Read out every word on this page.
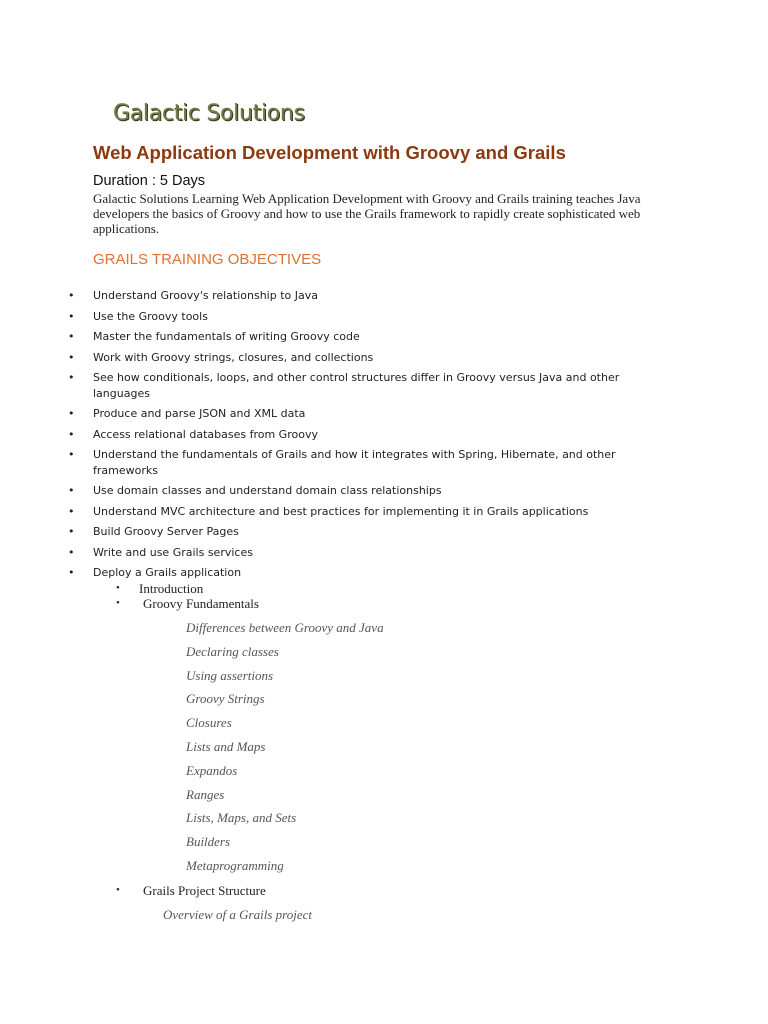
Galactic Solutions
Web Application Development with Groovy and Grails
Duration : 5 Days
Galactic Solutions Learning Web Application Development with Groovy and Grails training teaches Java developers the basics of Groovy and how to use the Grails framework to rapidly create sophisticated web applications.
GRAILS TRAINING OBJECTIVES
• Understand Groovy's relationship to Java
• Use the Groovy tools
• Master the fundamentals of writing Groovy code
• Work with Groovy strings, closures, and collections
• See how conditionals, loops, and other control structures differ in Groovy versus Java and other languages
• Produce and parse JSON and XML data
• Access relational databases from Groovy
• Understand the fundamentals of Grails and how it integrates with Spring, Hibernate, and other frameworks
• Use domain classes and understand domain class relationships
• Understand MVC architecture and best practices for implementing it in Grails applications
• Build Groovy Server Pages
• Write and use Grails services
• Deploy a Grails application
• Introduction
• Groovy Fundamentals
Differences between Groovy and Java
Declaring classes
Using assertions
Groovy Strings
Closures
Lists and Maps
Expandos
Ranges
Lists, Maps, and Sets
Builders
Metaprogramming
• Grails Project Structure
Overview of a Grails project
